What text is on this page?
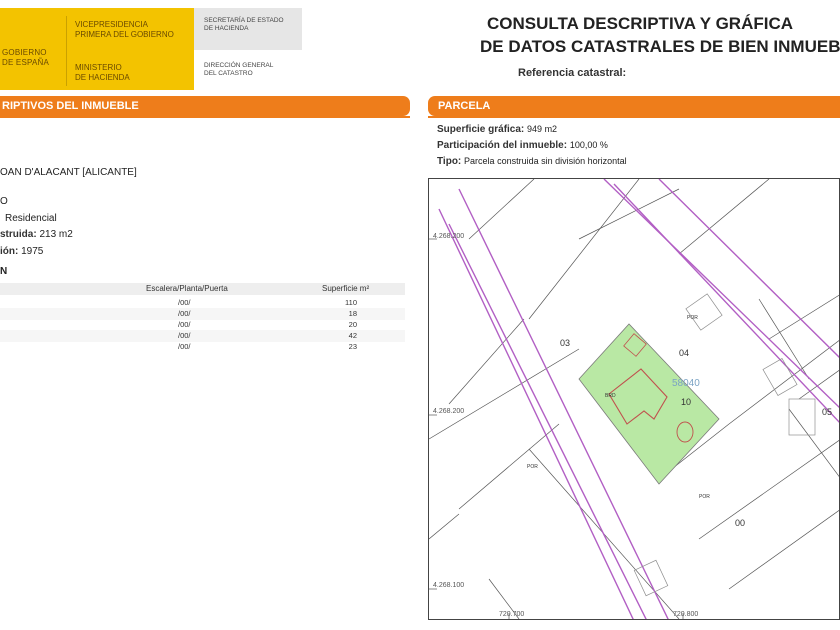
GOBIERNO
DE ESPAÑA
VICEPRESIDENCIA
PRIMERA DEL GOBIERNO
MINISTERIO
DE HACIENDA
SECRETARÍA DE ESTADO
DE HACIENDA
DIRECCIÓN GENERAL
DEL CATASTRO
CONSULTA DESCRIPTIVA Y GRÁFICA
DE DATOS CATASTRALES DE BIEN INMUEB
Referencia catastral:
RIPTIVOS DEL INMUEBLE	PARCELA
OAN D'ALACANT [ALICANTE]
O
Residencial
struida: 213 m2
ión: 1975
N
Escalera/Planta/Puerta	Superficie m²
/00/	110
/00/	18
/00/	20
/00/	42
/00/	23
Superficie gráfica: 949 m2
Participación del inmueble: 100,00 %
Tipo: Parcela construida sin división horizontal
03
04
10
05
00
58040
POR
POR
BRD
POR
4.268.200
4.268.200
4.268.100
720.700	720.800
